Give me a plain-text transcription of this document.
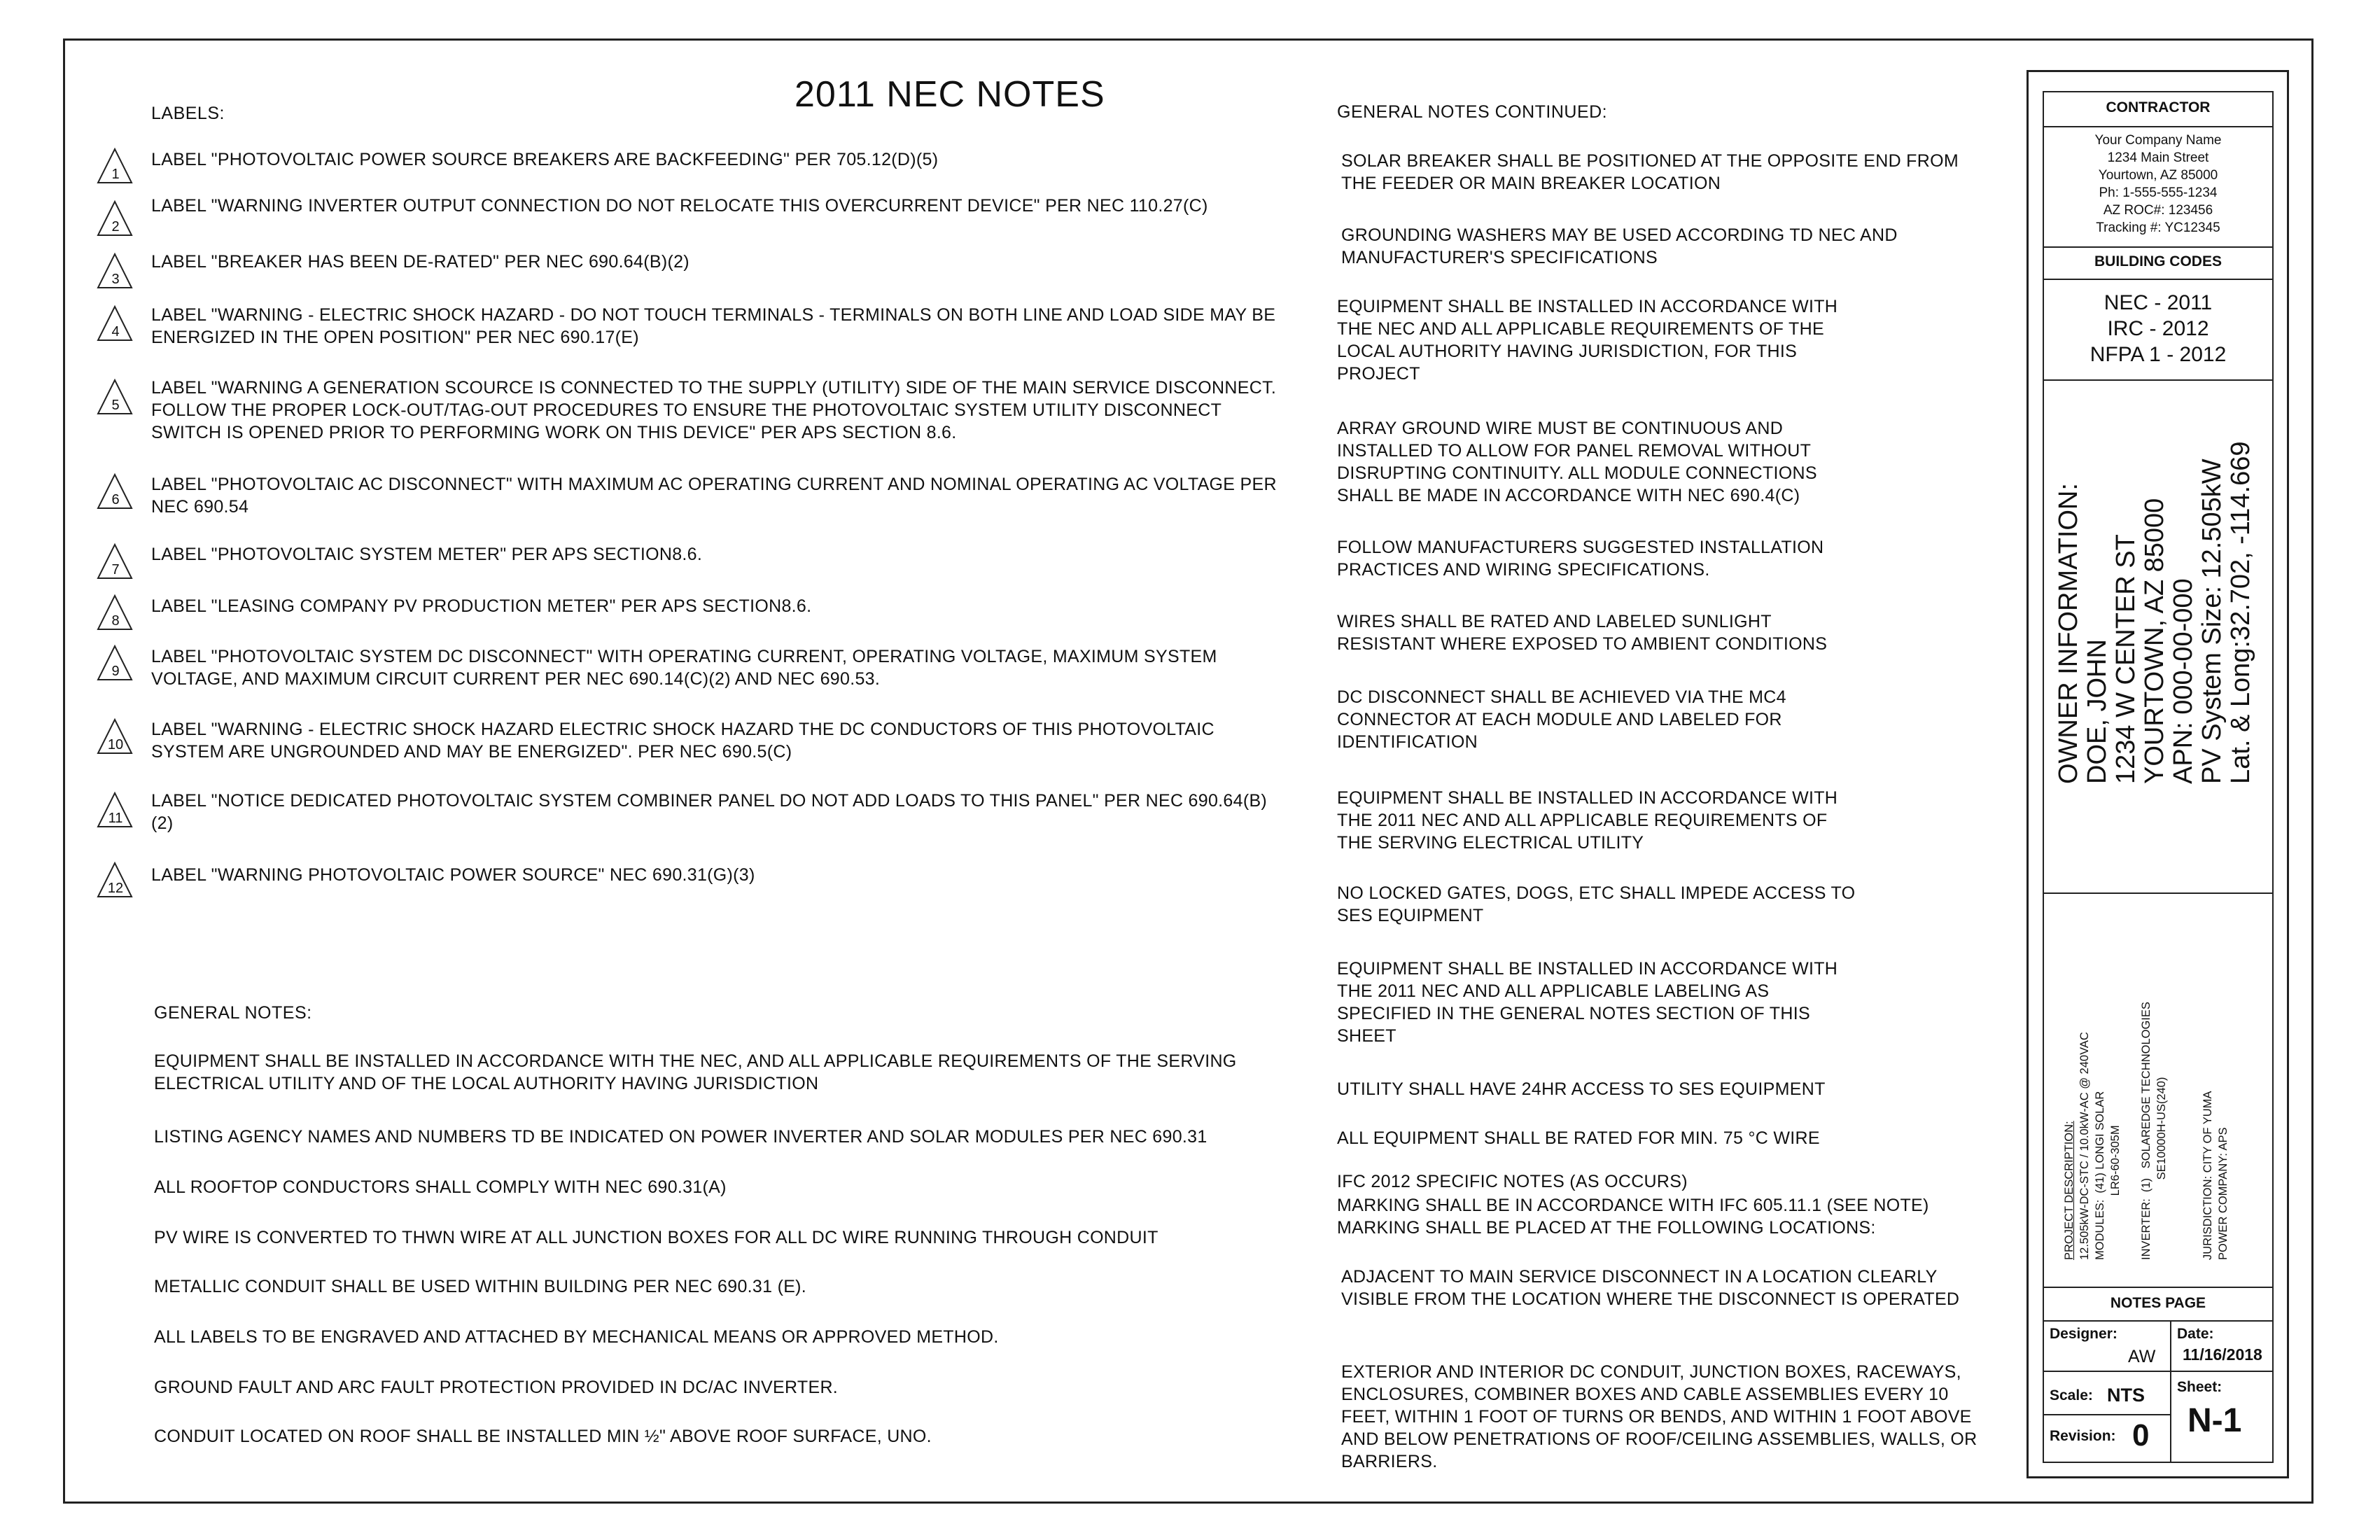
2011 NEC NOTES
LABELS:
1
LABEL "PHOTOVOLTAIC POWER SOURCE BREAKERS ARE BACKFEEDING" PER 705.12(D)(5)
2
LABEL "WARNING INVERTER OUTPUT CONNECTION DO NOT RELOCATE THIS OVERCURRENT DEVICE" PER NEC 110.27(C)
3
LABEL "BREAKER HAS BEEN DE-RATED" PER NEC 690.64(B)(2)
4
LABEL "WARNING - ELECTRIC SHOCK HAZARD - DO NOT TOUCH TERMINALS - TERMINALS ON BOTH LINE AND LOAD SIDE MAY BE ENERGIZED IN THE OPEN POSITION" PER NEC 690.17(E)
5
LABEL "WARNING A GENERATION SCOURCE IS CONNECTED TO THE SUPPLY (UTILITY) SIDE OF THE MAIN SERVICE DISCONNECT. FOLLOW THE PROPER LOCK-OUT/TAG-OUT PROCEDURES TO ENSURE THE PHOTOVOLTAIC SYSTEM UTILITY DISCONNECT SWITCH IS OPENED PRIOR TO PERFORMING WORK ON THIS DEVICE" PER APS SECTION 8.6.
6
LABEL "PHOTOVOLTAIC AC DISCONNECT" WITH MAXIMUM AC OPERATING CURRENT AND NOMINAL OPERATING AC VOLTAGE PER NEC 690.54
7
LABEL "PHOTOVOLTAIC SYSTEM METER" PER APS SECTION8.6.
8
LABEL "LEASING COMPANY PV PRODUCTION METER" PER APS SECTION8.6.
9
LABEL "PHOTOVOLTAIC SYSTEM DC DISCONNECT" WITH OPERATING CURRENT, OPERATING VOLTAGE, MAXIMUM SYSTEM VOLTAGE, AND MAXIMUM CIRCUIT CURRENT PER NEC 690.14(C)(2) AND NEC 690.53.
10
LABEL "WARNING - ELECTRIC SHOCK HAZARD ELECTRIC SHOCK HAZARD THE DC CONDUCTORS OF THIS PHOTOVOLTAIC SYSTEM ARE UNGROUNDED AND MAY BE ENERGIZED". PER NEC 690.5(C)
11
LABEL "NOTICE DEDICATED PHOTOVOLTAIC SYSTEM COMBINER PANEL DO NOT ADD LOADS TO THIS PANEL" PER NEC 690.64(B)(2)
12
LABEL "WARNING PHOTOVOLTAIC POWER SOURCE" NEC 690.31(G)(3)
GENERAL NOTES:
EQUIPMENT SHALL BE INSTALLED IN ACCORDANCE WITH THE NEC, AND ALL APPLICABLE REQUIREMENTS OF THE SERVING ELECTRICAL UTILITY AND OF THE LOCAL AUTHORITY HAVING JURISDICTION
LISTING AGENCY NAMES AND NUMBERS TD BE INDICATED ON POWER INVERTER AND SOLAR MODULES PER NEC 690.31
ALL ROOFTOP CONDUCTORS SHALL COMPLY WITH NEC 690.31(A)
PV WIRE IS CONVERTED TO THWN WIRE AT ALL JUNCTION BOXES FOR ALL DC WIRE RUNNING THROUGH CONDUIT
METALLIC CONDUIT SHALL BE USED WITHIN BUILDING PER NEC 690.31 (E).
ALL LABELS TO BE ENGRAVED AND ATTACHED BY MECHANICAL MEANS OR APPROVED METHOD.
GROUND FAULT AND ARC FAULT PROTECTION PROVIDED IN DC/AC INVERTER.
CONDUIT LOCATED ON ROOF SHALL BE INSTALLED MIN ½" ABOVE ROOF SURFACE, UNO.
GENERAL NOTES CONTINUED:
SOLAR BREAKER SHALL BE POSITIONED AT THE OPPOSITE END FROM THE FEEDER OR MAIN BREAKER LOCATION
GROUNDING WASHERS MAY BE USED ACCORDING TD NEC AND MANUFACTURER'S SPECIFICATIONS
EQUIPMENT SHALL BE INSTALLED IN ACCORDANCE WITH THE NEC AND ALL APPLICABLE REQUIREMENTS OF THE LOCAL AUTHORITY HAVING JURISDICTION, FOR THIS PROJECT
ARRAY GROUND WIRE MUST BE CONTINUOUS AND INSTALLED TO ALLOW FOR PANEL REMOVAL WITHOUT DISRUPTING CONTINUITY. ALL MODULE CONNECTIONS SHALL BE MADE IN ACCORDANCE WITH NEC 690.4(C)
FOLLOW MANUFACTURERS SUGGESTED INSTALLATION PRACTICES AND WIRING SPECIFICATIONS.
WIRES SHALL BE RATED AND LABELED SUNLIGHT RESISTANT WHERE EXPOSED TO AMBIENT CONDITIONS
DC DISCONNECT SHALL BE ACHIEVED VIA THE MC4 CONNECTOR AT EACH MODULE AND LABELED FOR IDENTIFICATION
EQUIPMENT SHALL BE INSTALLED IN ACCORDANCE WITH THE 2011 NEC AND ALL APPLICABLE REQUIREMENTS OF THE SERVING ELECTRICAL UTILITY
NO LOCKED GATES, DOGS, ETC SHALL IMPEDE ACCESS TO SES EQUIPMENT
EQUIPMENT SHALL BE INSTALLED IN ACCORDANCE WITH THE 2011 NEC AND ALL APPLICABLE LABELING AS SPECIFIED IN THE GENERAL NOTES SECTION OF THIS SHEET
UTILITY SHALL HAVE 24HR ACCESS TO SES EQUIPMENT
ALL EQUIPMENT SHALL BE RATED FOR MIN. 75 °C WIRE
IFC 2012 SPECIFIC NOTES (AS OCCURS)
MARKING SHALL BE IN ACCORDANCE WITH IFC 605.11.1 (SEE NOTE) MARKING SHALL BE PLACED AT THE FOLLOWING LOCATIONS:
ADJACENT TO MAIN SERVICE DISCONNECT IN A LOCATION CLEARLY VISIBLE FROM THE LOCATION WHERE THE DISCONNECT IS OPERATED
EXTERIOR AND INTERIOR DC CONDUIT, JUNCTION BOXES, RACEWAYS, ENCLOSURES, COMBINER BOXES AND CABLE ASSEMBLIES EVERY 10 FEET, WITHIN 1 FOOT OF TURNS OR BENDS, AND WITHIN 1 FOOT ABOVE AND BELOW PENETRATIONS OF ROOF/CEILING ASSEMBLIES, WALLS, OR BARRIERS.
CONTRACTOR
Your Company Name
1234 Main Street
Yourtown, AZ 85000
Ph: 1-555-555-1234
AZ ROC#: 123456
Tracking #: YC12345
BUILDING CODES
NEC - 2011
IRC - 2012
NFPA 1 - 2012
OWNER INFORMATION:
DOE, JOHN
1234 W CENTER ST
YOURTOWN, AZ 85000
APN: 000-00-000
PV System Size: 12.505kW
Lat. & Long:32.702, -114.669
PROJECT DESCRIPTION: 12.505kW-DC-STC / 10.0kW-AC @ 240VAC MODULES:  (41) LONGI SOLAR
LR6-60-305M INVERTER:  (1)   SOLAREDGE TECHNOLOGIES
SE10000H-US(240)	JURISDICTION: CITY OF YUMA POWER COMPANY: APS
NOTES PAGE
Designer:
AW
Date:
11/16/2018
Scale: NTS Sheet:
N-1
Revision: 0
